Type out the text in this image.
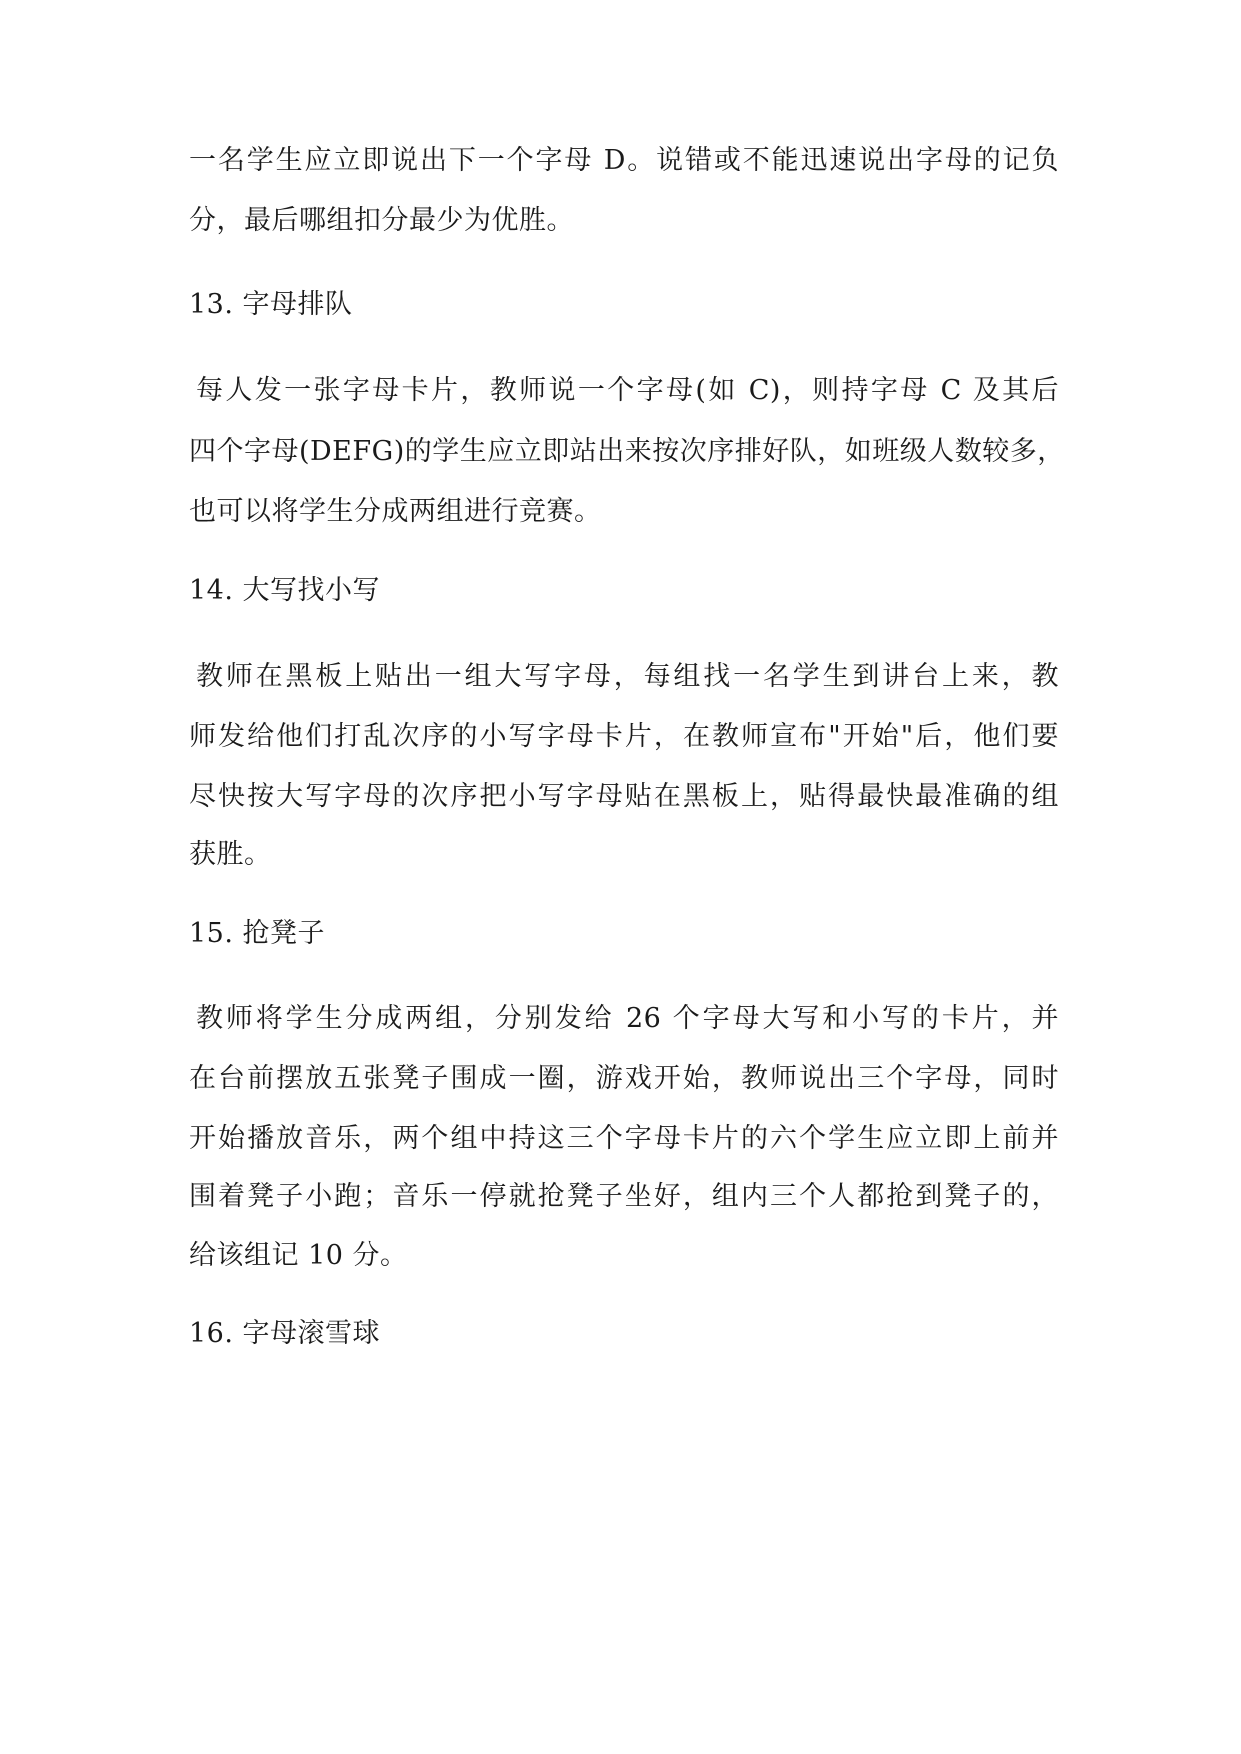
一名学生应立即说出下一个字母 D。说错或不能迅速说出字母的记负
分，最后哪组扣分最少为优胜。
13. 字母排队
每人发一张字母卡片，教师说一个字母(如 C)，则持字母 C 及其后
四个字母(DEFG)的学生应立即站出来按次序排好队，如班级人数较多，
也可以将学生分成两组进行竞赛。
14. 大写找小写
教师在黑板上贴出一组大写字母，每组找一名学生到讲台上来，教
师发给他们打乱次序的小写字母卡片，在教师宣布"开始"后，他们要
尽快按大写字母的次序把小写字母贴在黑板上，贴得最快最准确的组
获胜。
15. 抢凳子
教师将学生分成两组，分别发给 26 个字母大写和小写的卡片，并
在台前摆放五张凳子围成一圈，游戏开始，教师说出三个字母，同时
开始播放音乐，两个组中持这三个字母卡片的六个学生应立即上前并
围着凳子小跑；音乐一停就抢凳子坐好，组内三个人都抢到凳子的，
给该组记 10 分。
16. 字母滚雪球
